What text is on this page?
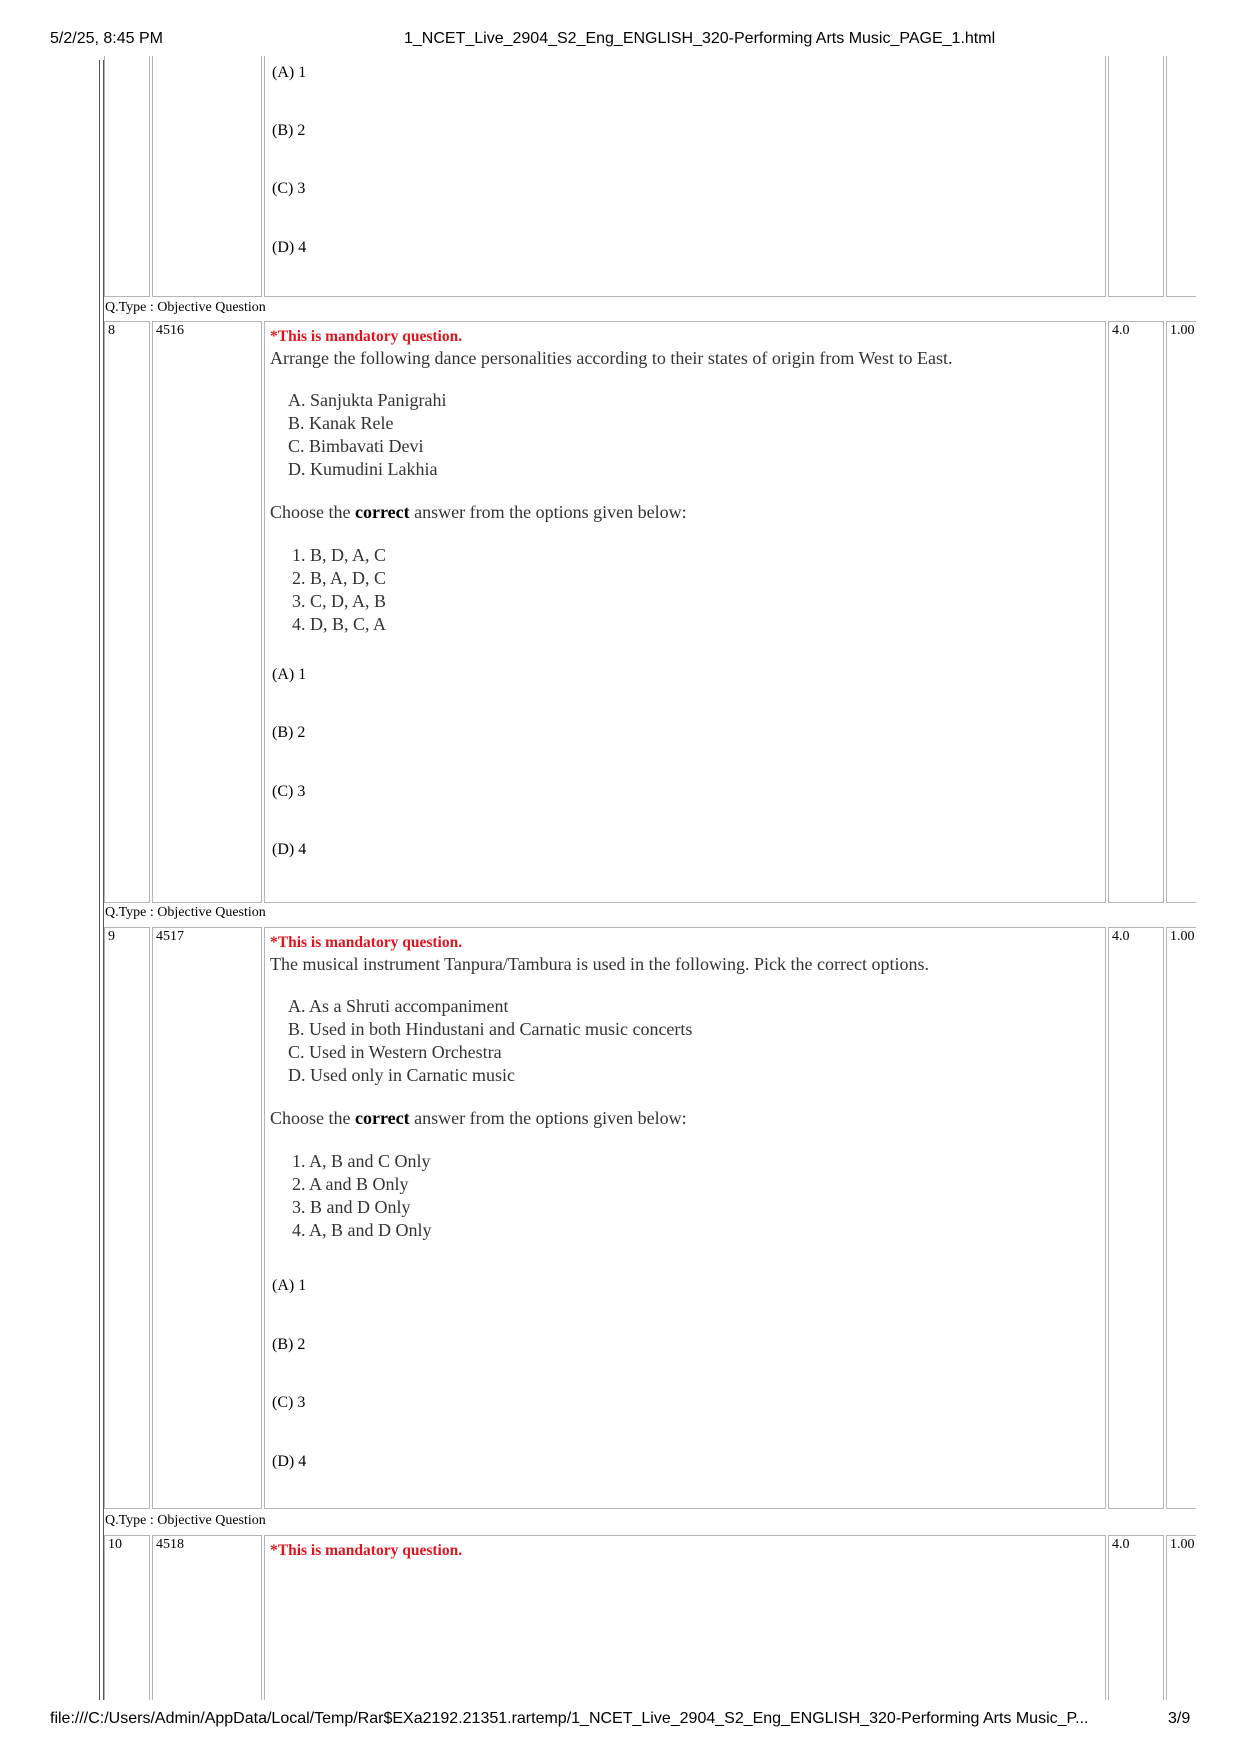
5/2/25, 8:45 PM	1_NCET_Live_2904_S2_Eng_ENGLISH_320-Performing Arts Music_PAGE_1.html
file:///C:/Users/Admin/AppData/Local/Temp/Rar$EXa2192.21351.rartemp/1_NCET_Live_2904_S2_Eng_ENGLISH_320-Performing Arts Music_P...	3/9
(A) 1
(B) 2
(C) 3
(D) 4
Q.Type : Objective Question
8	4516	*This is mandatory question.
Arrange the following dance personalities according to their states of origin from West to East.
A. Sanjukta Panigrahi
B. Kanak Rele
C. Bimbavati Devi
D. Kumudini Lakhia
Choose the correct answer from the options given below:
1. B, D, A, C
2. B, A, D, C
3. C, D, A, B
4. D, B, C, A
(A) 1
(B) 2
(C) 3
(D) 4
4.0	1.00
Q.Type : Objective Question
9	4517	*This is mandatory question.
The musical instrument Tanpura/Tambura is used in the following. Pick the correct options.
A. As a Shruti accompaniment
B. Used in both Hindustani and Carnatic music concerts
C. Used in Western Orchestra
D. Used only in Carnatic music
Choose the correct answer from the options given below:
1. A, B and C Only
2. A and B Only
3. B and D Only
4. A, B and D Only
(A) 1
(B) 2
(C) 3
(D) 4
4.0	1.00
Q.Type : Objective Question
10 4518	*This is mandatory question.	4.0	1.00
